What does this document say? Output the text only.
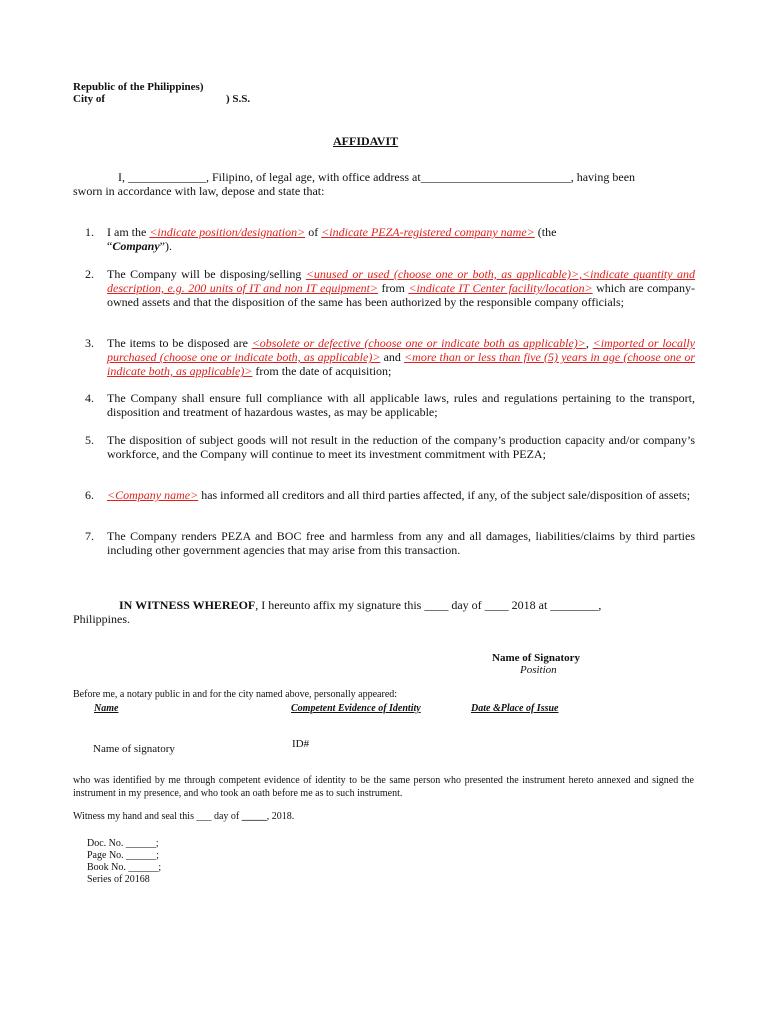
Republic of the Philippines)
City of	) S.S.
AFFIDAVIT
I, _____________, Filipino, of legal age, with office address at_________________________, having been
sworn in accordance with law, depose and state that:
1.	I am the <indicate position/designation> of <indicate PEZA-registered company name> (the
“Company”).
2.	The Company will be disposing/selling <unused or used (choose one or both, as applicable)>,<indicate quantity and description, e.g. 200 units of IT and non IT equipment> from <indicate IT Center facility/location> which are company-owned assets and that the disposition of the same has been authorized by the responsible company officials;
3.	The items to be disposed are <obsolete or defective (choose one or indicate both as applicable)>, <imported or locally purchased (choose one or indicate both, as applicable)> and <more than or less than five (5) years in age (choose one or indicate both, as applicable)> from the date of acquisition;
4.	The Company shall ensure full compliance with all applicable laws, rules and regulations pertaining to the transport, disposition and treatment of hazardous wastes, as may be applicable;
5.	The disposition of subject goods will not result in the reduction of the company’s production capacity and/or company’s workforce, and the Company will continue to meet its investment commitment with PEZA;
6.	<Company name> has informed all creditors and all third parties affected, if any, of the subject sale/disposition of assets;
7.	The Company renders PEZA and BOC free and harmless from any and all damages, liabilities/claims by third parties including other government agencies that may arise from this transaction.
IN WITNESS WHEREOF, I hereunto affix my signature this ____ day of ____ 2018 at ________,
Philippines.
Name of Signatory
Position
Before me, a notary public in and for the city named above, personally appeared:
Name	Competent Evidence of Identity	Date &Place of Issue
Name of signatory	ID#
who was identified by me through competent evidence of identity to be the same person who presented the instrument hereto annexed and signed the instrument in my presence, and who took an oath before me as to such instrument.
Witness my hand and seal this ___ day of _____, 2018.
Doc. No. ______;
Page No. ______;
Book No. ______;
Series of 20168
